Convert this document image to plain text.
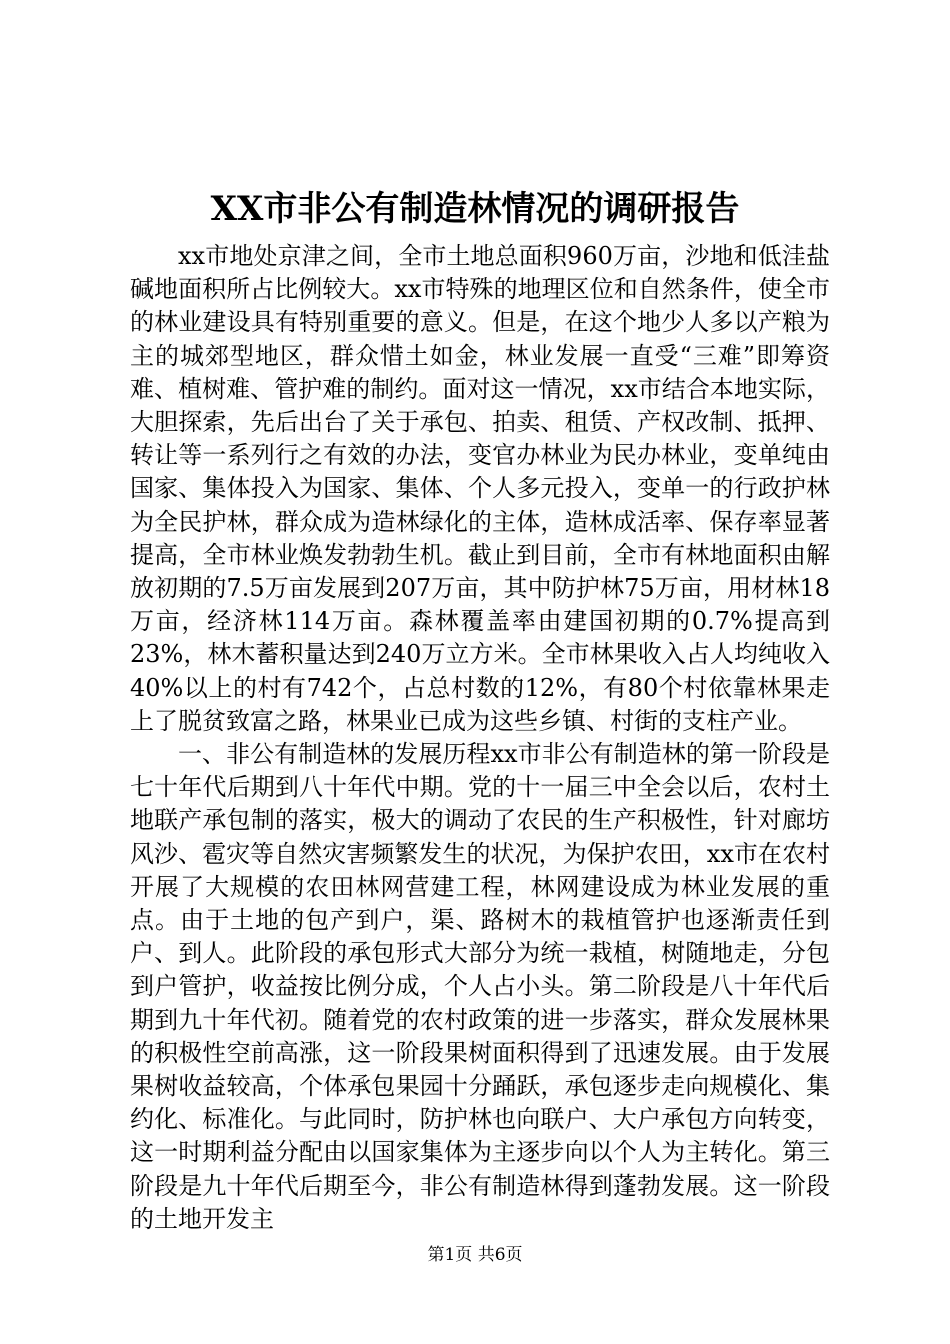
XX市非公有制造林情况的调研报告

xx市地处京津之间，全市土地总面积960万亩，沙地和低洼盐碱地面积所占比例较大。xx市特殊的地理区位和自然条件，使全市的林业建设具有特别重要的意义。但是，在这个地少人多以产粮为主的城郊型地区，群众惜土如金，林业发展一直受“三难”即筹资难、植树难、管护难的制约。面对这一情况，xx市结合本地实际，大胆探索，先后出台了关于承包、拍卖、租赁、产权改制、抵押、转让等一系列行之有效的办法，变官办林业为民办林业，变单纯由国家、集体投入为国家、集体、个人多元投入，变单一的行政护林为全民护林，群众成为造林绿化的主体，造林成活率、保存率显著提高，全市林业焕发勃勃生机。截止到目前，全市有林地面积由解放初期的7.5万亩发展到207万亩，其中防护林75万亩，用材林18万亩，经济林114万亩。森林覆盖率由建国初期的0.7%提高到23%，林木蓄积量达到240万立方米。全市林果收入占人均纯收入40%以上的村有742个，占总村数的12%，有80个村依靠林果走上了脱贫致富之路，林果业已成为这些乡镇、村街的支柱产业。

一、非公有制造林的发展历程xx市非公有制造林的第一阶段是七十年代后期到八十年代中期。党的十一届三中全会以后，农村土地联产承包制的落实，极大的调动了农民的生产积极性，针对廊坊风沙、雹灾等自然灾害频繁发生的状况，为保护农田，xx市在农村开展了大规模的农田林网营建工程，林网建设成为林业发展的重点。由于土地的包产到户，渠、路树木的栽植管护也逐渐责任到户、到人。此阶段的承包形式大部分为统一栽植，树随地走，分包到户管护，收益按比例分成，个人占小头。第二阶段是八十年代后期到九十年代初。随着党的农村政策的进一步落实，群众发展林果的积极性空前高涨，这一阶段果树面积得到了迅速发展。由于发展果树收益较高，个体承包果园十分踊跃，承包逐步走向规模化、集约化、标准化。与此同时，防护林也向联户、大户承包方向转变，这一时期利益分配由以国家集体为主逐步向以个人为主转化。第三阶段是九十年代后期至今，非公有制造林得到蓬勃发展。这一阶段的土地开发主

第1页 共6页
